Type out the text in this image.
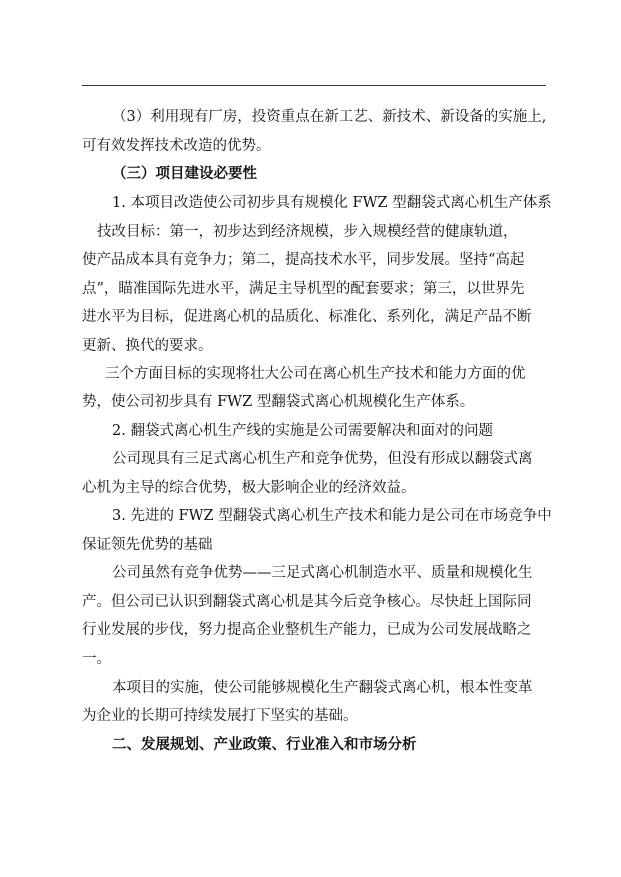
（3）利用现有厂房，投资重点在新工艺、新技术、新设备的实施上,
可有效发挥技术改造的优势。
（三）项目建设必要性
1. 本项目改造使公司初步具有规模化 FWZ 型翻袋式离心机生产体系
技改目标：第一，初步达到经济规模，步入规模经营的健康轨道，
使产品成本具有竞争力；第二，提高技术水平，同步发展。坚持“高起
点”，瞄准国际先进水平，满足主导机型的配套要求；第三，以世界先
进水平为目标，促进离心机的品质化、标准化、系列化，满足产品不断
更新、换代的要求。
三个方面目标的实现将壮大公司在离心机生产技术和能力方面的优
势，使公司初步具有 FWZ 型翻袋式离心机规模化生产体系。
2. 翻袋式离心机生产线的实施是公司需要解决和面对的问题
公司现具有三足式离心机生产和竞争优势，但没有形成以翻袋式离
心机为主导的综合优势，极大影响企业的经济效益。
3. 先进的 FWZ 型翻袋式离心机生产技术和能力是公司在市场竞争中
保证领先优势的基础
公司虽然有竞争优势——三足式离心机制造水平、质量和规模化生
产。但公司已认识到翻袋式离心机是其今后竞争核心。尽快赶上国际同
行业发展的步伐，努力提高企业整机生产能力，已成为公司发展战略之
一。
本项目的实施，使公司能够规模化生产翻袋式离心机，根本性变革
为企业的长期可持续发展打下坚实的基础。
二、发展规划、产业政策、行业准入和市场分析
